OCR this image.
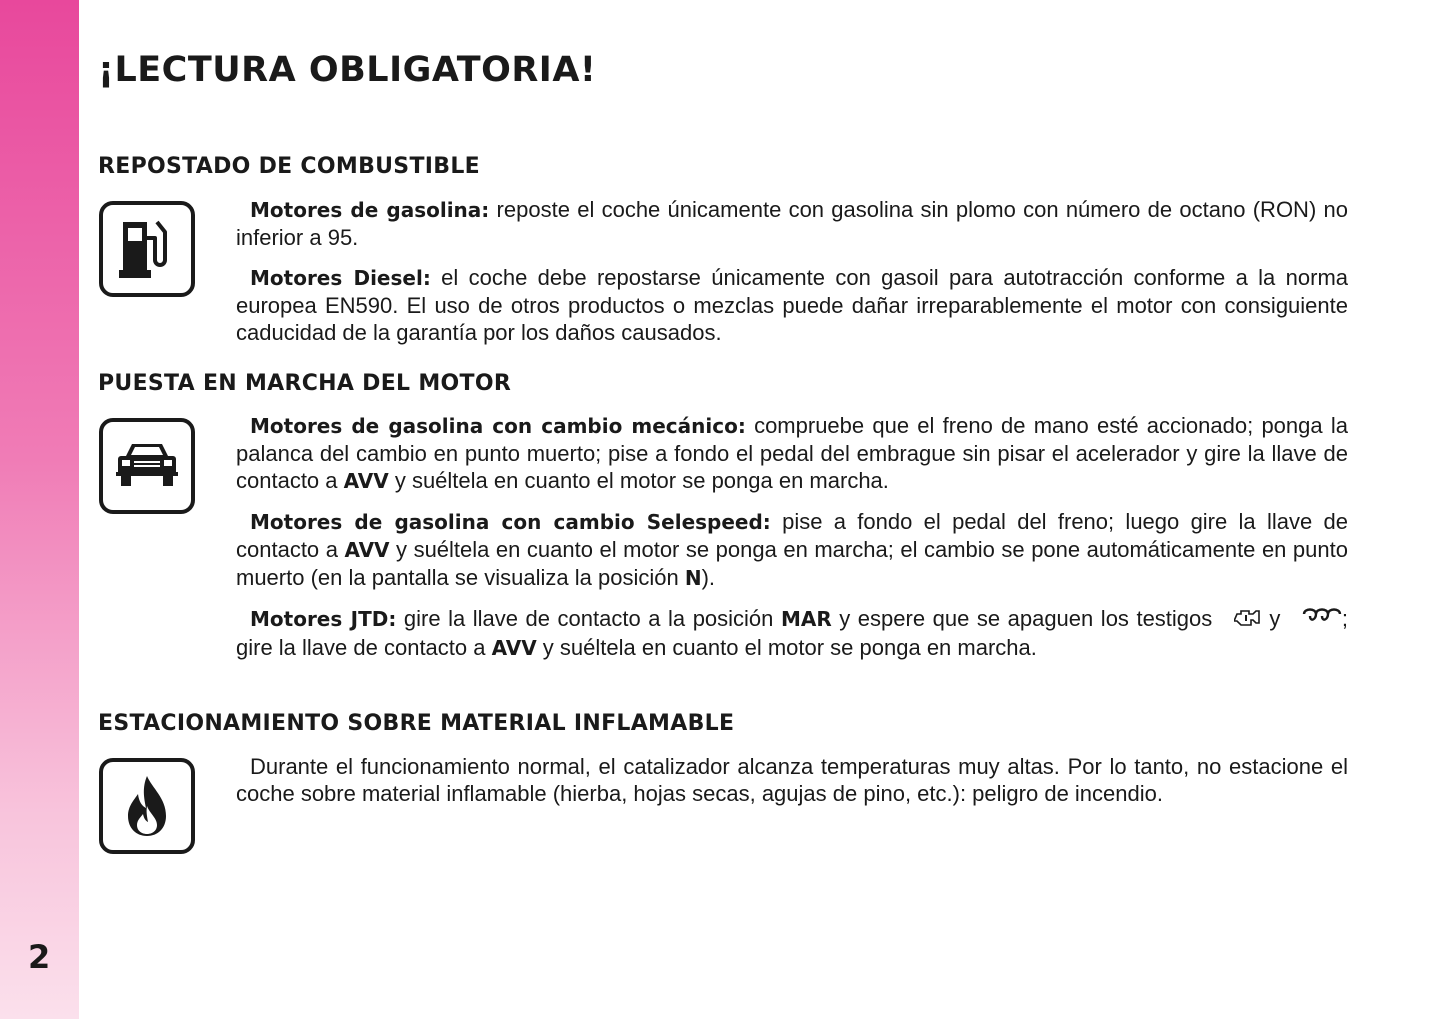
2
¡LECTURA OBLIGATORIA!
REPOSTADO DE COMBUSTIBLE

Motores de gasolina: reposte el coche únicamente con gasolina sin plomo con número de octano (RON) no inferior a 95.

Motores Diesel: el coche debe repostarse únicamente con gasoil para autotracción conforme a la norma europea EN590. El uso de otros productos o mezclas puede dañar irreparablemente el motor con consiguiente caducidad de la garantía por los daños causados.

PUESTA EN MARCHA DEL MOTOR

Motores de gasolina con cambio mecánico: compruebe que el freno de mano esté accionado; ponga la palanca del cambio en punto muerto; pise a fondo el pedal del embrague sin pisar el acelerador y gire la llave de contacto a AVV y suéltela en cuanto el motor se ponga en marcha.

Motores de gasolina con cambio Selespeed: pise a fondo el pedal del freno; luego gire la llave de contacto a AVV y suéltela en cuanto el motor se ponga en marcha; el cambio se pone automáticamente en punto muerto (en la pantalla se visualiza la posición N).

Motores JTD: gire la llave de contacto a la posición MAR y espere que se apaguen los testigos  y ; gire la llave de contacto a AVV y suéltela en cuanto el motor se ponga en marcha.

ESTACIONAMIENTO SOBRE MATERIAL INFLAMABLE

Durante el funcionamiento normal, el catalizador alcanza temperaturas muy altas. Por lo tanto, no estacione el coche sobre material inflamable (hierba, hojas secas, agujas de pino, etc.): peligro de incendio.
